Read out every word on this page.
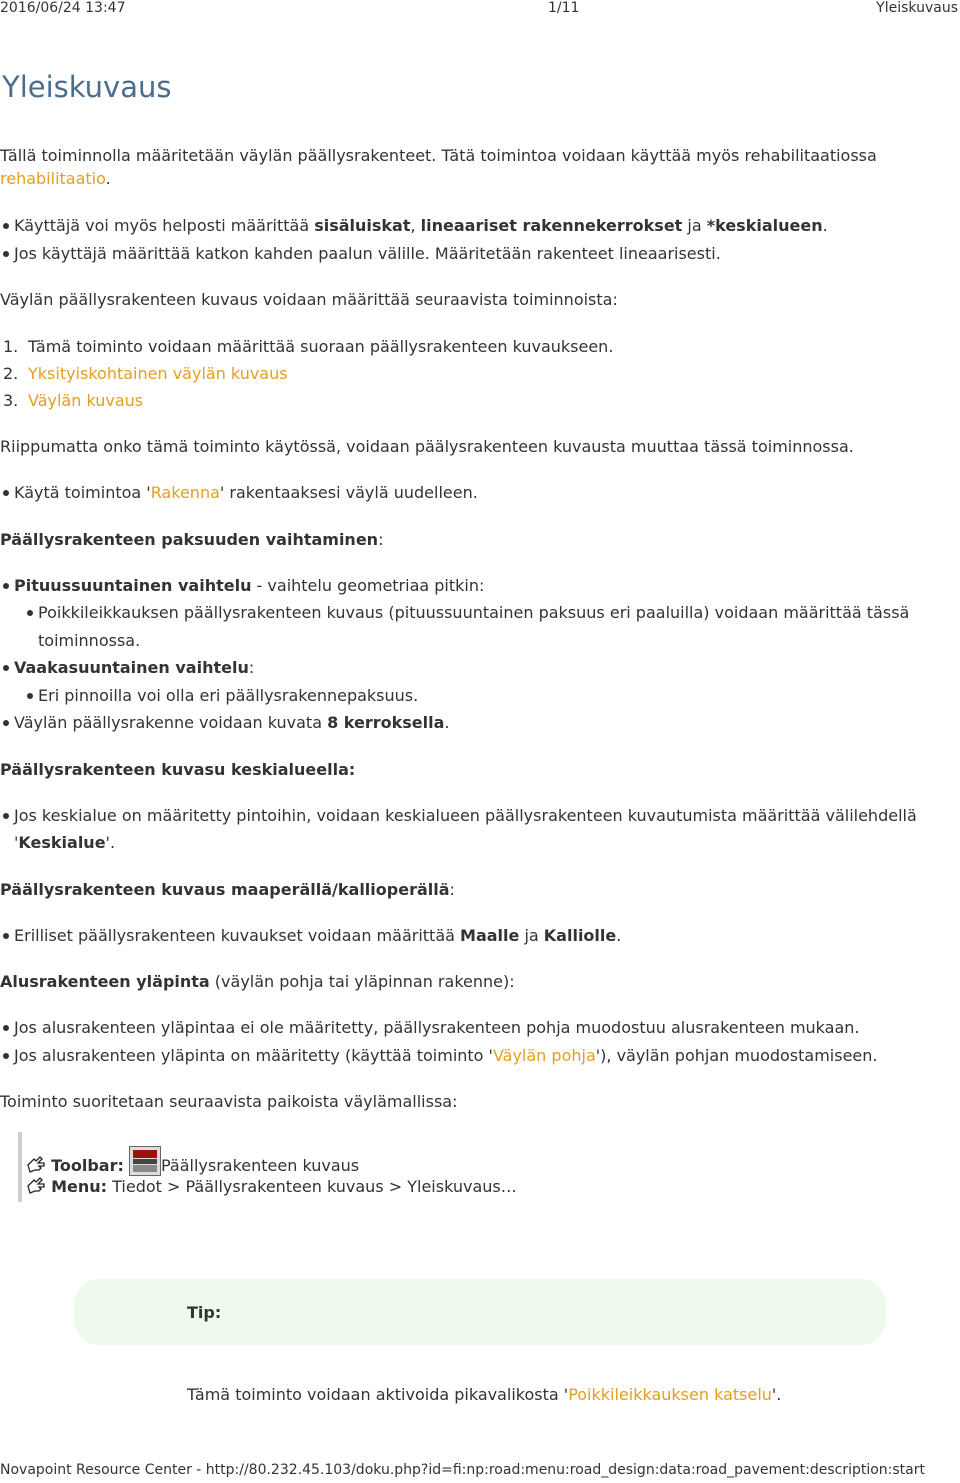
2016/06/24 13:47	1/11	Yleiskuvaus
Yleiskuvaus
Tällä toiminnolla määritetään väylän päällysrakenteet. Tätä toimintoa voidaan käyttää myös rehabilitaatiossa
rehabilitaatio.
Käyttäjä voi myös helposti määrittää sisäluiskat, lineaariset rakennekerrokset ja *keskialueen.
Jos käyttäjä määrittää katkon kahden paalun välille. Määritetään rakenteet lineaarisesti.
Väylän päällysrakenteen kuvaus voidaan määrittää seuraavista toiminnoista:
1. Tämä toiminto voidaan määrittää suoraan päällysrakenteen kuvaukseen.
2. Yksityiskohtainen väylän kuvaus
3. Väylän kuvaus
Riippumatta onko tämä toiminto käytössä, voidaan päälysrakenteen kuvausta muuttaa tässä toiminnossa.
Käytä toimintoa 'Rakenna' rakentaaksesi väylä uudelleen.
Päällysrakenteen paksuuden vaihtaminen:
Pituussuuntainen vaihtelu - vaihtelu geometriaa pitkin:
Poikkileikkauksen päällysrakenteen kuvaus (pituussuuntainen paksuus eri paaluilla) voidaan määrittää tässä
toiminnossa.
Vaakasuuntainen vaihtelu:
Eri pinnoilla voi olla eri päällysrakennepaksuus.
Väylän päällysrakenne voidaan kuvata 8 kerroksella.
Päällysrakenteen kuvasu keskialueella:
Jos keskialue on määritetty pintoihin, voidaan keskialueen päällysrakenteen kuvautumista määrittää välilehdellä
'Keskialue'.
Päällysrakenteen kuvaus maaperällä/kallioperällä:
Erilliset päällysrakenteen kuvaukset voidaan määrittää Maalle ja Kalliolle.
Alusrakenteen yläpinta (väylän pohja tai yläpinnan rakenne):
Jos alusrakenteen yläpintaa ei ole määritetty, päällysrakenteen pohja muodostuu alusrakenteen mukaan.
Jos alusrakenteen yläpinta on määritetty (käyttää toiminto 'Väylän pohja'), väylän pohjan muodostamiseen.
Toiminto suoritetaan seuraavista paikoista väylämallissa:
Toolbar: Päällysrakenteen kuvaus
Menu: Tiedot > Päällysrakenteen kuvaus > Yleiskuvaus…
Tip:
Tämä toiminto voidaan aktivoida pikavalikosta 'Poikkileikkauksen katselu'.
Novapoint Resource Center - http://80.232.45.103/doku.php?id=fi:np:road:menu:road_design:data:road_pavement:description:start
